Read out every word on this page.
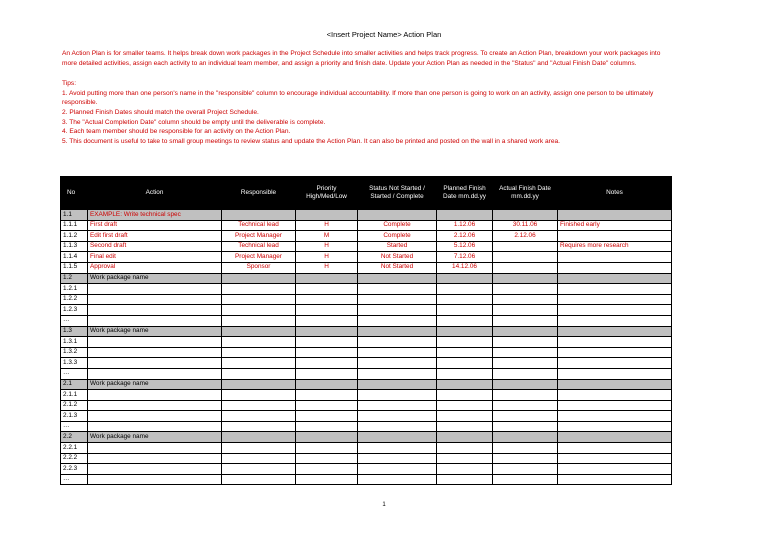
<Insert Project Name> Action Plan

An Action Plan is for smaller teams. It helps break down work packages in the Project Schedule into smaller activities and helps track progress. To create an Action Plan, breakdown your work packages into more detailed activities, assign each activity to an individual team member, and assign a priority and finish date. Update your Action Plan as needed in the "Status" and "Actual Finish Date" columns.

Tips:
1. Avoid putting more than one person's name in the "responsible" column to encourage individual accountability. If more than one person is going to work on an activity, assign one person to be ultimately responsible.
2. Planned Finish Dates should match the overall Project Schedule.
3. The "Actual Completion Date" column should be empty until the deliverable is complete.
4. Each team member should be responsible for an activity on the Action Plan.
5. This document is useful to take to small group meetings to review status and update the Action Plan. It can also be printed and posted on the wall in a shared work area.
No	Action	Responsible	Priority High/Med/Low	Status Not Started / Started / Complete	Planned Finish Date mm.dd.yy	Actual Finish Date mm.dd.yy	Notes
1.1	EXAMPLE: Write technical spec						
1.1.1	First draft	Technical lead	H	Complete	1.12.06	30.11.06	Finished early
1.1.2	Edit first draft	Project Manager	M	Complete	2.12.06	2.12.06	
1.1.3	Second draft	Technical lead	H	Started	5.12.06		Requires more research
1.1.4	Final edit	Project Manager	H	Not Started	7.12.06		
1.1.5	Approval	Sponsor	H	Not Started	14.12.06		
1.2	Work package name						
1.2.1							
1.2.2							
1.2.3							
…							
1.3	Work package name						
1.3.1							
1.3.2							
1.3.3							
…							
2.1	Work package name						
2.1.1							
2.1.2							
2.1.3							
…							
2.2	Work package name						
2.2.1							
2.2.2							
2.2.3							
…							
1
